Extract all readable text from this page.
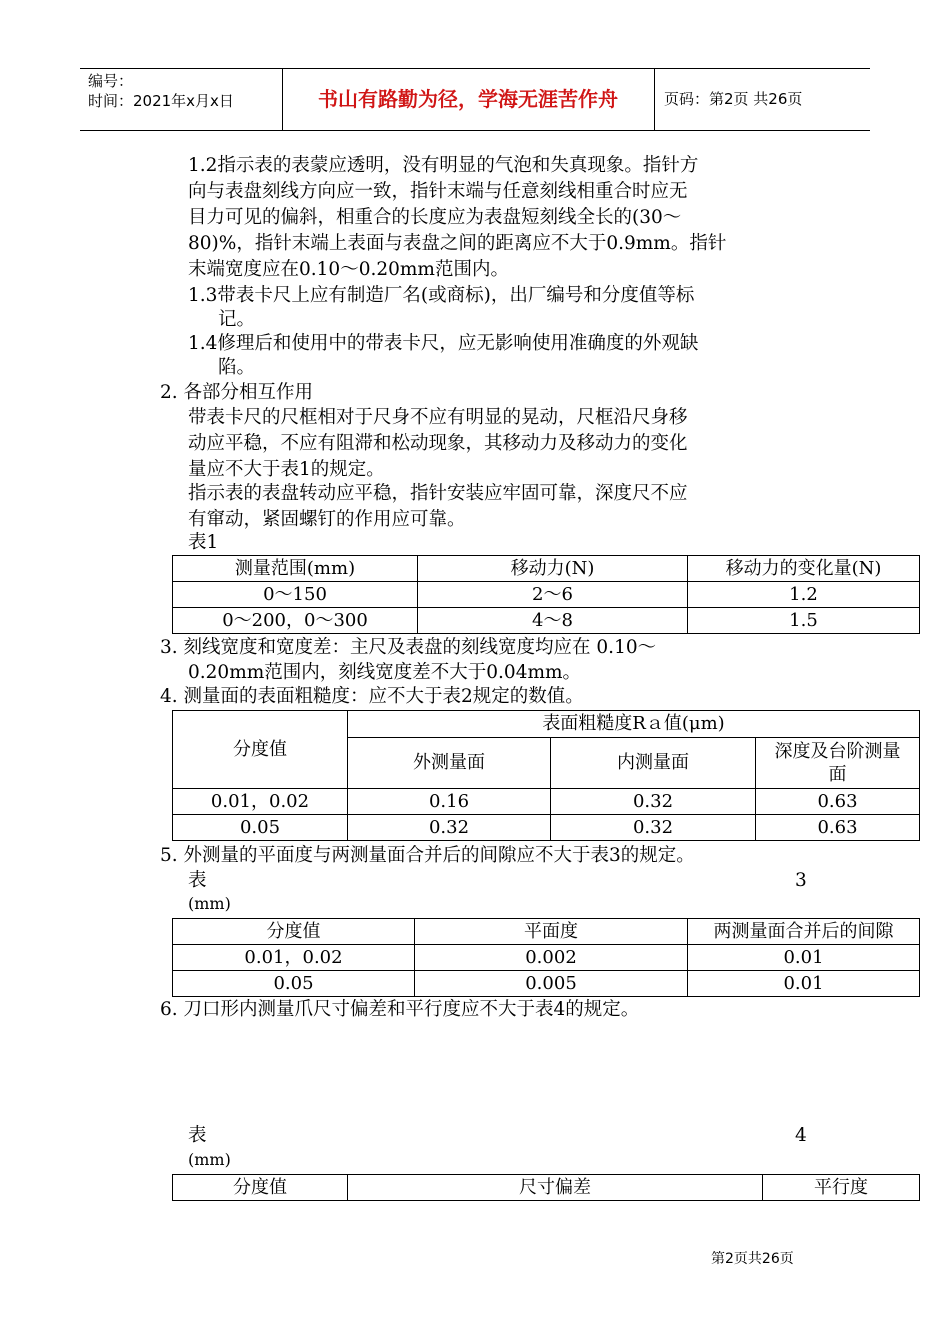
编号：
时间：2021年x月x日	书山有路勤为径，学海无涯苦作舟	页码：第2页 共26页
1.2指示表的表蒙应透明，没有明显的气泡和失真现象。指针方
向与表盘刻线方向应一致，指针末端与任意刻线相重合时应无
目力可见的偏斜，相重合的长度应为表盘短刻线全长的(30～
80)%，指针末端上表面与表盘之间的距离应不大于0.9mm。指针
末端宽度应在0.10～0.20mm范围内。
1.3带表卡尺上应有制造厂名(或商标)，出厂编号和分度值等标
记。
1.4修理后和使用中的带表卡尺，应无影响使用准确度的外观缺
陷。
2. 各部分相互作用
带表卡尺的尺框相对于尺身不应有明显的晃动，尺框沿尺身移
动应平稳，不应有阻滞和松动现象，其移动力及移动力的变化
量应不大于表1的规定。
指示表的表盘转动应平稳，指针安装应牢固可靠，深度尺不应
有窜动，紧固螺钉的作用应可靠。
表1
测量范围(mm)	移动力(N)	移动力的变化量(N)
0～150	2～6	1.2
0～200，0～300	4～8	1.5
3. 刻线宽度和宽度差：主尺及表盘的刻线宽度均应在 0.10～
0.20mm范围内，刻线宽度差不大于0.04mm。
4. 测量面的表面粗糙度：应不大于表2规定的数值。
分度值	表面粗糙度Rａ值(μm)		
	外测量面	内测量面	深度及台阶测量
面

0.01，0.02	0.16	0.32	0.63
0.05	0.32	0.32	0.63
5. 外测量的平面度与两测量面合并后的间隙应不大于表3的规定。
表	3
(mm)
分度值	平面度	两测量面合并后的间隙
0.01，0.02	0.002	0.01
0.05	0.005	0.01
6. 刀口形内测量爪尺寸偏差和平行度应不大于表4的规定。
表	4
(mm)
分度值	尺寸偏差	平行度
第2页共26页
